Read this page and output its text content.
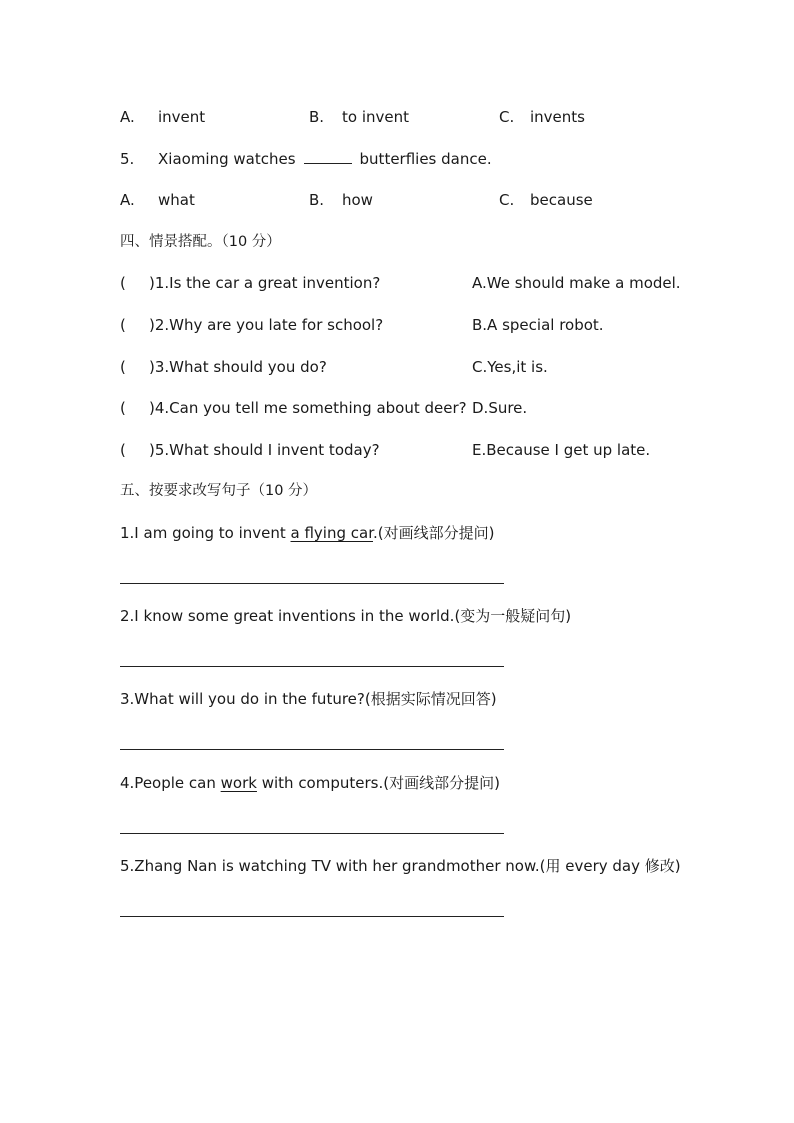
A. invent	B. to invent	C. invents
5. Xiaoming watches	butterflies dance.
A. what	B. how	C. because
四、情景搭配。（10 分）
( )1.Is the car a great invention?	A.We should make a model.
( )2.Why are you late for school?	B.A special robot.
( )3.What should you do?	C.Yes,it is.
( )4.Can you tell me something about deer? D.Sure.
( )5.What should I invent today?	E.Because I get up late.
五、按要求改写句子（10 分）
1.I am going to invent a flying car.(对画线部分提问)
2.I know some great inventions in the world.(变为一般疑问句)
3.What will you do in the future?(根据实际情况回答)
4.People can work with computers.(对画线部分提问)
5.Zhang Nan is watching TV with her grandmother now.(用 every day 修改)
